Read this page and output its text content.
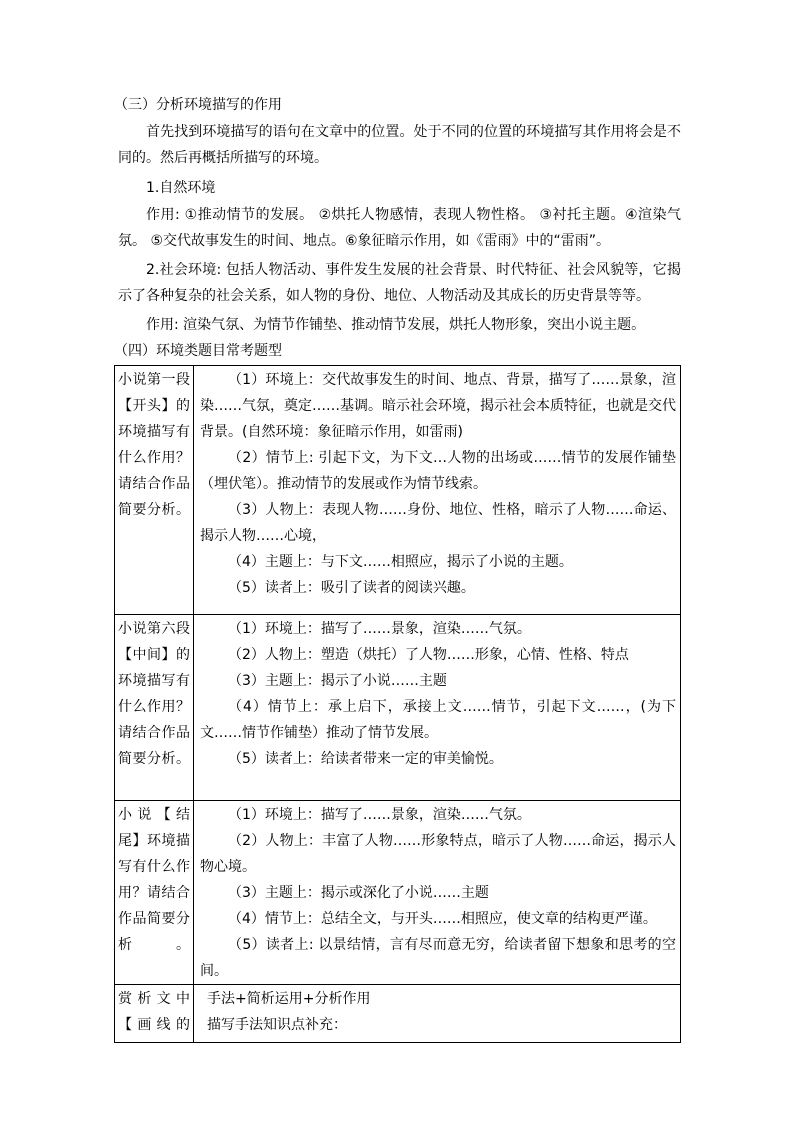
（三）分析环境描写的作用
首先找到环境描写的语句在文章中的位置。处于不同的位置的环境描写其作用将会是不同的。然后再概括所描写的环境。
1.自然环境
作用: ①推动情节的发展。 ②烘托人物感情，表现人物性格。 ③衬托主题。④渲染气氛。 ⑤交代故事发生的时间、地点。⑥象征暗示作用，如《雷雨》中的“雷雨”。
2.社会环境: 包括人物活动、事件发生发展的社会背景、时代特征、社会风貌等，它揭示了各种复杂的社会关系，如人物的身份、地位、人物活动及其成长的历史背景等等。
作用: 渲染气氛、为情节作铺垫、推动情节发展，烘托人物形象，突出小说主题。
（四）环境类题目常考题型
小说第一段【开头】的环境描写有什么作用？请结合作品简要分析。	（1）环境上：交代故事发生的时间、地点、背景，描写了……景象，渲染……气氛，奠定……基调。暗示社会环境，揭示社会本质特征，也就是交代背景。(自然环境：象征暗示作用，如雷雨)
（2）情节上: 引起下文，为下文…人物的出场或……情节的发展作铺垫（埋伏笔）。推动情节的发展或作为情节线索。
（3）人物上：表现人物……身份、地位、性格，暗示了人物……命运、揭示人物……心境，
（4）主题上：与下文……相照应，揭示了小说的主题。
（5）读者上：吸引了读者的阅读兴趣。

小说第六段【中间】的环境描写有什么作用？请结合作品简要分析。	（1）环境上：描写了……景象，渲染……气氛。
（2）人物上：塑造（烘托）了人物……形象，心情、性格、特点
（3）主题上：揭示了小说……主题
（4）情节上：承上启下，承接上文……情节，引起下文……，(为下文……情节作铺垫）推动了情节发展。
（5）读者上：给读者带来一定的审美愉悦。

小说【结尾】环境描写有什么作用？请结合作品简要分析。	（1）环境上：描写了……景象，渲染……气氛。
（2）人物上：丰富了人物……形象特点，暗示了人物……命运，揭示人物心境。
（3）主题上：揭示或深化了小说……主题
（4）情节上：总结全文，与开头……相照应，使文章的结构更严谨。
（5）读者上: 以景结情，言有尽而意无穷，给读者留下想象和思考的空间。

赏析文中【画线的	手法+简析运用+分析作用
描写手法知识点补充：
